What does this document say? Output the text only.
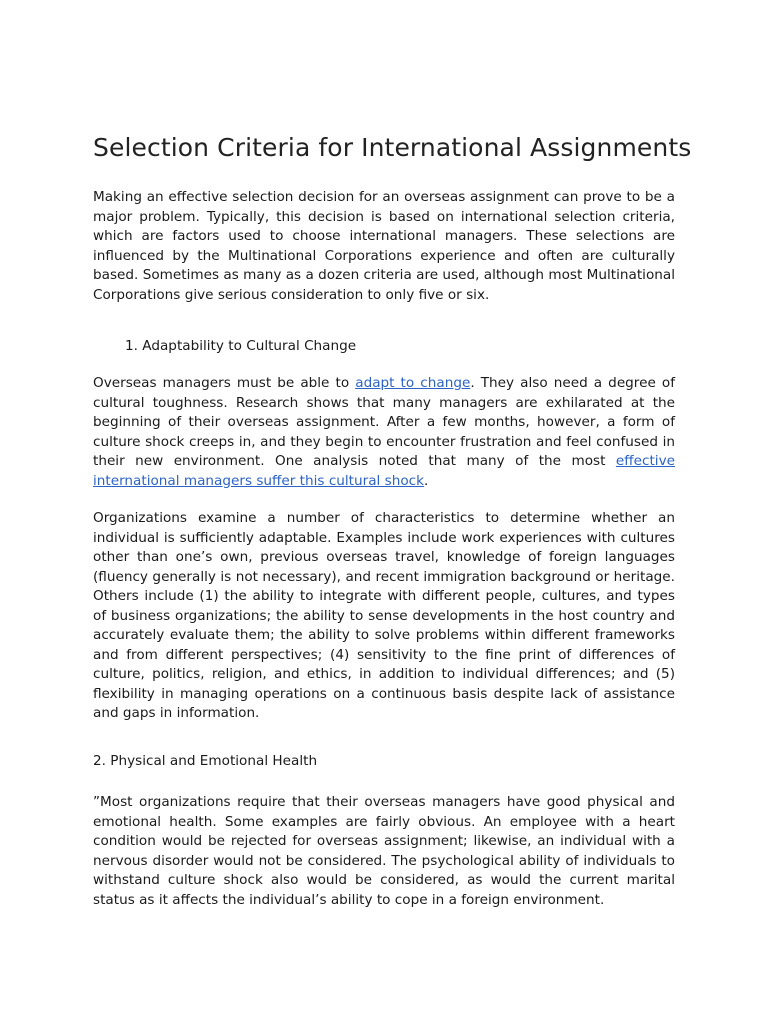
Selection Criteria for International Assignments

Making an effective selection decision for an overseas assignment can prove to be a major problem. Typically, this decision is based on international selection criteria, which are factors used to choose international managers. These selections are influenced by the Multinational Corporations experience and often are culturally based. Sometimes as many as a dozen criteria are used, although most Multinational Corporations give serious consideration to only five or six.

1. Adaptability to Cultural Change

Overseas managers must be able to adapt to change. They also need a degree of cultural toughness. Research shows that many managers are exhilarated at the beginning of their overseas assignment. After a few months, however, a form of culture shock creeps in, and they begin to encounter frustration and feel confused in their new environment. One analysis noted that many of the most effective international managers suffer this cultural shock.

Organizations examine a number of characteristics to determine whether an individual is sufficiently adaptable. Examples include work experiences with cultures other than one’s own, previous overseas travel, knowledge of foreign languages (fluency generally is not necessary), and recent immigration background or heritage. Others include (1) the ability to integrate with different people, cultures, and types of business organizations; the ability to sense developments in the host country and accurately evaluate them; the ability to solve problems within different frameworks and from different perspectives; (4) sensitivity to the fine print of differences of culture, politics, religion, and ethics, in addition to individual differences; and (5) flexibility in managing operations on a continuous basis despite lack of assistance and gaps in information.

2. Physical and Emotional Health

”Most organizations require that their overseas managers have good physical and emotional health. Some examples are fairly obvious. An employee with a heart condition would be rejected for overseas assignment; likewise, an individual with a nervous disorder would not be considered. The psychological ability of individuals to withstand culture shock also would be considered, as would the current marital status as it affects the individual’s ability to cope in a foreign environment.
